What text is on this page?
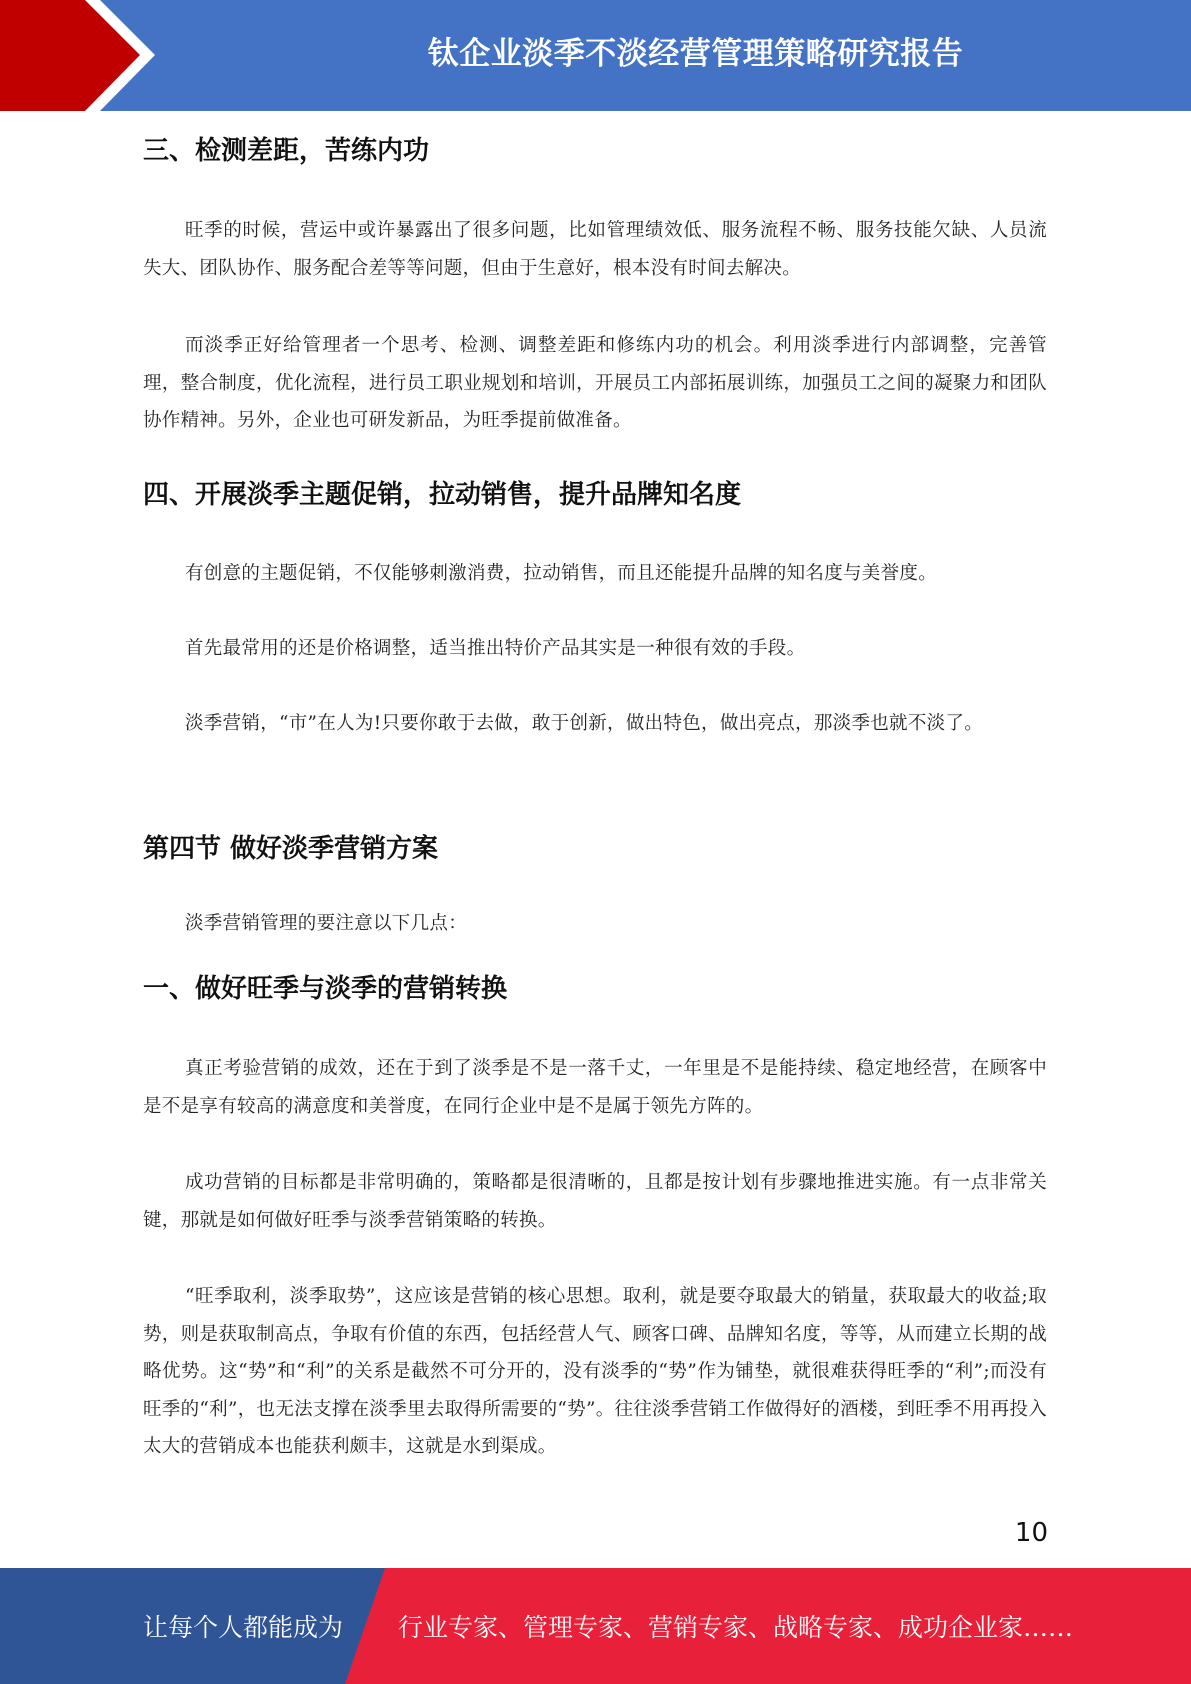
钛企业淡季不淡经营管理策略研究报告
三、检测差距，苦练内功

旺季的时候，营运中或许暴露出了很多问题，比如管理绩效低、服务流程不畅、服务技能欠缺、人员流失大、团队协作、服务配合差等等问题，但由于生意好，根本没有时间去解决。

而淡季正好给管理者一个思考、检测、调整差距和修练内功的机会。利用淡季进行内部调整，完善管理，整合制度，优化流程，进行员工职业规划和培训，开展员工内部拓展训练，加强员工之间的凝聚力和团队协作精神。另外，企业也可研发新品，为旺季提前做准备。

四、开展淡季主题促销，拉动销售，提升品牌知名度

有创意的主题促销，不仅能够刺激消费，拉动销售，而且还能提升品牌的知名度与美誉度。

首先最常用的还是价格调整，适当推出特价产品其实是一种很有效的手段。

淡季营销，“市”在人为!只要你敢于去做，敢于创新，做出特色，做出亮点，那淡季也就不淡了。

第四节 做好淡季营销方案

淡季营销管理的要注意以下几点：

一、做好旺季与淡季的营销转换

真正考验营销的成效，还在于到了淡季是不是一落千丈，一年里是不是能持续、稳定地经营，在顾客中是不是享有较高的满意度和美誉度，在同行企业中是不是属于领先方阵的。

成功营销的目标都是非常明确的，策略都是很清晰的，且都是按计划有步骤地推进实施。有一点非常关键，那就是如何做好旺季与淡季营销策略的转换。

“旺季取利，淡季取势”，这应该是营销的核心思想。取利，就是要夺取最大的销量，获取最大的收益;取势，则是获取制高点，争取有价值的东西，包括经营人气、顾客口碑、品牌知名度，等等，从而建立长期的战略优势。这“势”和“利”的关系是截然不可分开的，没有淡季的“势”作为铺垫，就很难获得旺季的“利”;而没有旺季的“利”，也无法支撑在淡季里去取得所需要的“势”。往往淡季营销工作做得好的酒楼，到旺季不用再投入太大的营销成本也能获利颇丰，这就是水到渠成。

10
让每个人都能成为 行业专家、管理专家、营销专家、战略专家、成功企业家……
